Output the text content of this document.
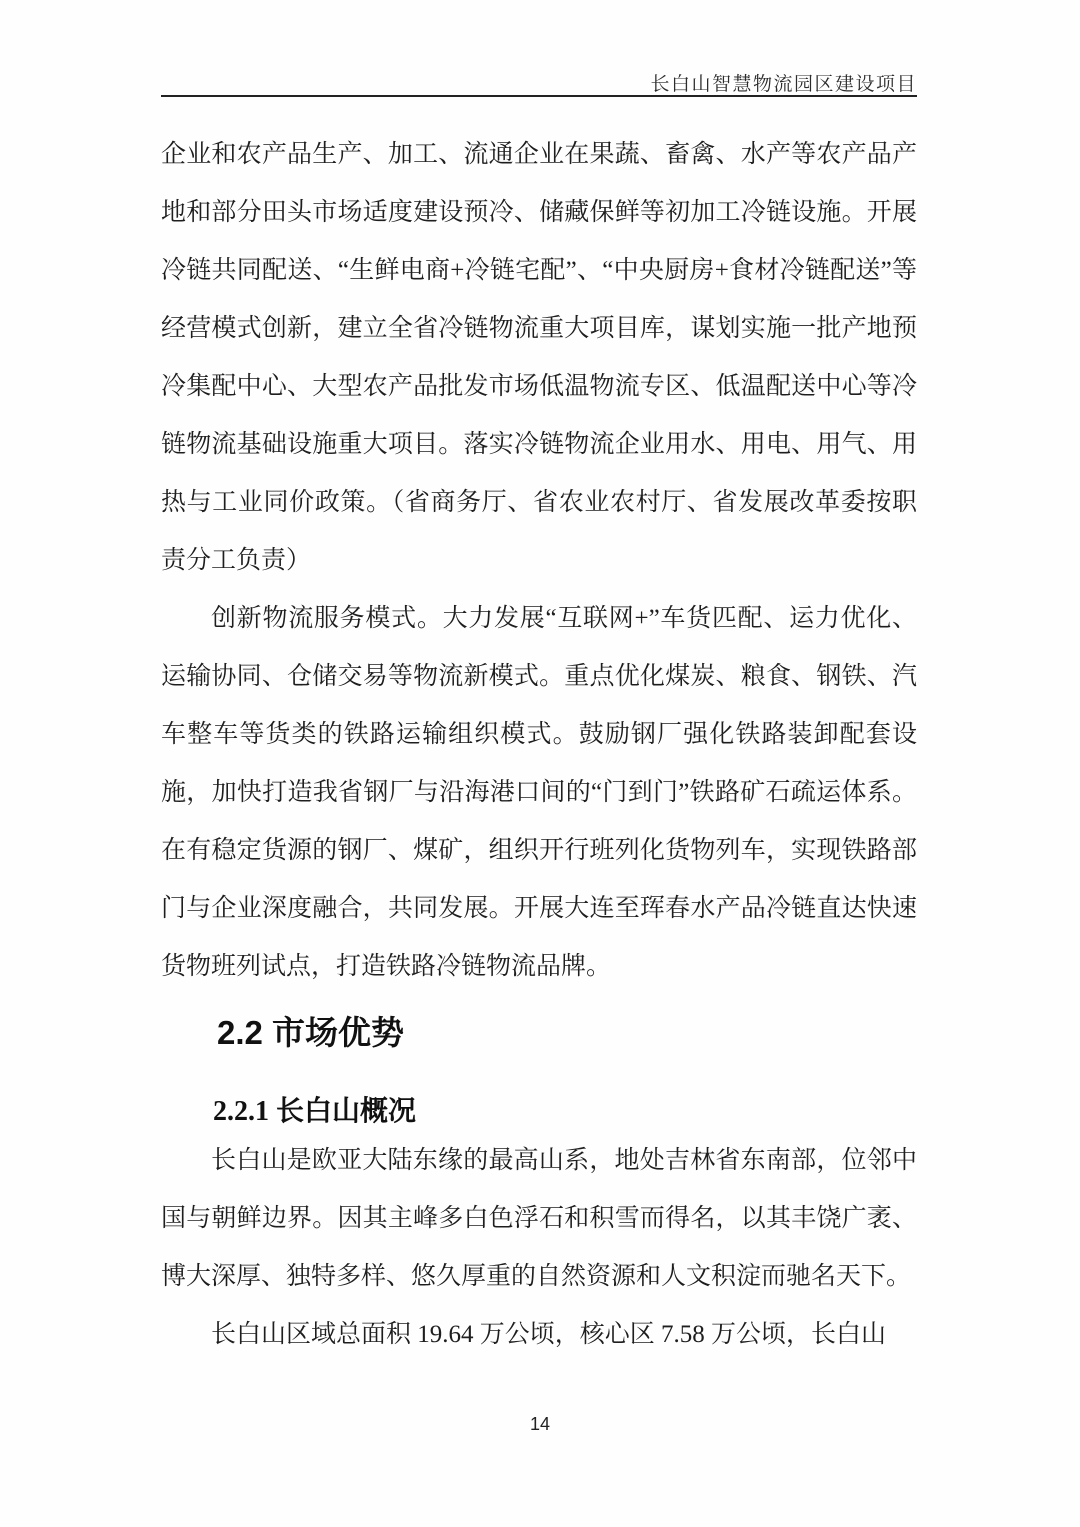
长白山智慧物流园区建设项目

企业和农产品生产、加工、流通企业在果蔬、畜禽、水产等农产品产地和部分田头市场适度建设预冷、储藏保鲜等初加工冷链设施。开展冷链共同配送、“生鲜电商+冷链宅配”、“中央厨房+食材冷链配送”等经营模式创新，建立全省冷链物流重大项目库，谋划实施一批产地预冷集配中心、大型农产品批发市场低温物流专区、低温配送中心等冷链物流基础设施重大项目。落实冷链物流企业用水、用电、用气、用热与工业同价政策。（省商务厅、省农业农村厅、省发展改革委按职责分工负责）

创新物流服务模式。大力发展“互联网+”车货匹配、运力优化、运输协同、仓储交易等物流新模式。重点优化煤炭、粮食、钢铁、汽车整车等货类的铁路运输组织模式。鼓励钢厂强化铁路装卸配套设施，加快打造我省钢厂与沿海港口间的“门到门”铁路矿石疏运体系。在有稳定货源的钢厂、煤矿，组织开行班列化货物列车，实现铁路部门与企业深度融合，共同发展。开展大连至珲春水产品冷链直达快速货物班列试点，打造铁路冷链物流品牌。

2.2 市场优势
2.2.1 长白山概况

长白山是欧亚大陆东缘的最高山系，地处吉林省东南部，位邻中国与朝鲜边界。因其主峰多白色浮石和积雪而得名，以其丰饶广袤、博大深厚、独特多样、悠久厚重的自然资源和人文积淀而驰名天下。

长白山区域总面积 19.64 万公顷，核心区 7.58 万公顷，长白山

14
